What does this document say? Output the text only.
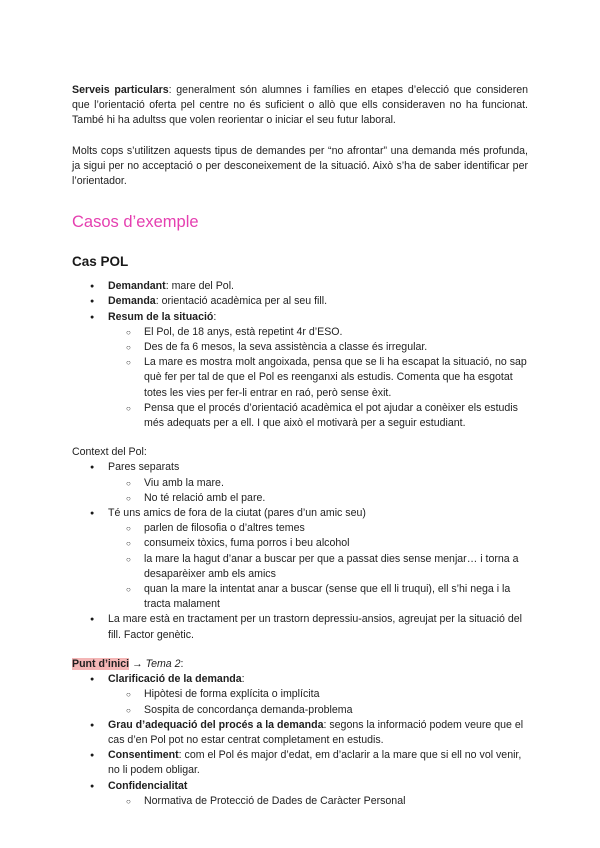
Serveis particulars: generalment són alumnes i famílies en etapes d’elecció que consideren que l’orientació oferta pel centre no és suficient o allò que ells consideraven no ha funcionat. També hi ha adultss que volen reorientar o iniciar el seu futur laboral.

Molts cops s’utilitzen aquests tipus de demandes per “no afrontar” una demanda més profunda, ja sigui per no acceptació o per desconeixement de la situació. Això s’ha de saber identificar per l’orientador.

Casos d’exemple
Cas POL
● Demandant: mare del Pol.
● Demanda: orientació acadèmica per al seu fill.
● Resum de la situació:
○ El Pol, de 18 anys, està repetint 4r d’ESO.
○ Des de fa 6 mesos, la seva assistència a classe és irregular.
○ La mare es mostra molt angoixada, pensa que se li ha escapat la situació, no sap què fer per tal de que el Pol es reenganxi als estudis. Comenta que ha esgotat totes les vies per fer-li entrar en raó, però sense èxit.
○ Pensa que el procés d’orientació acadèmica el pot ajudar a conèixer els estudis més adequats per a ell. I que això el motivarà per a seguir estudiant.

Context del Pol:

● Pares separats
○ Viu amb la mare.
○ No té relació amb el pare.
● Té uns amics de fora de la ciutat (pares d’un amic seu)
○ parlen de filosofia o d’altres temes
○ consumeix tòxics, fuma porros i beu alcohol
○ la mare la hagut d’anar a buscar per que a passat dies sense menjar… i torna a desaparèixer amb els amics
○ quan la mare la intentat anar a buscar (sense que ell li truqui), ell s’hi nega i la tracta malament
● La mare està en tractament per un trastorn depressiu-ansios, agreujat per la situació del fill. Factor genètic.

Punt d’inici → Tema 2:

● Clarificació de la demanda:
○ Hipòtesi de forma explícita o implícita
○ Sospita de concordança demanda-problema
● Grau d’adequació del procés a la demanda: segons la informació podem veure que el cas d’en Pol pot no estar centrat completament en estudis.
● Consentiment: com el Pol és major d’edat, em d’aclarir a la mare que si ell no vol venir, no li podem obligar.
● Confidencialitat
○ Normativa de Protecció de Dades de Caràcter Personal
